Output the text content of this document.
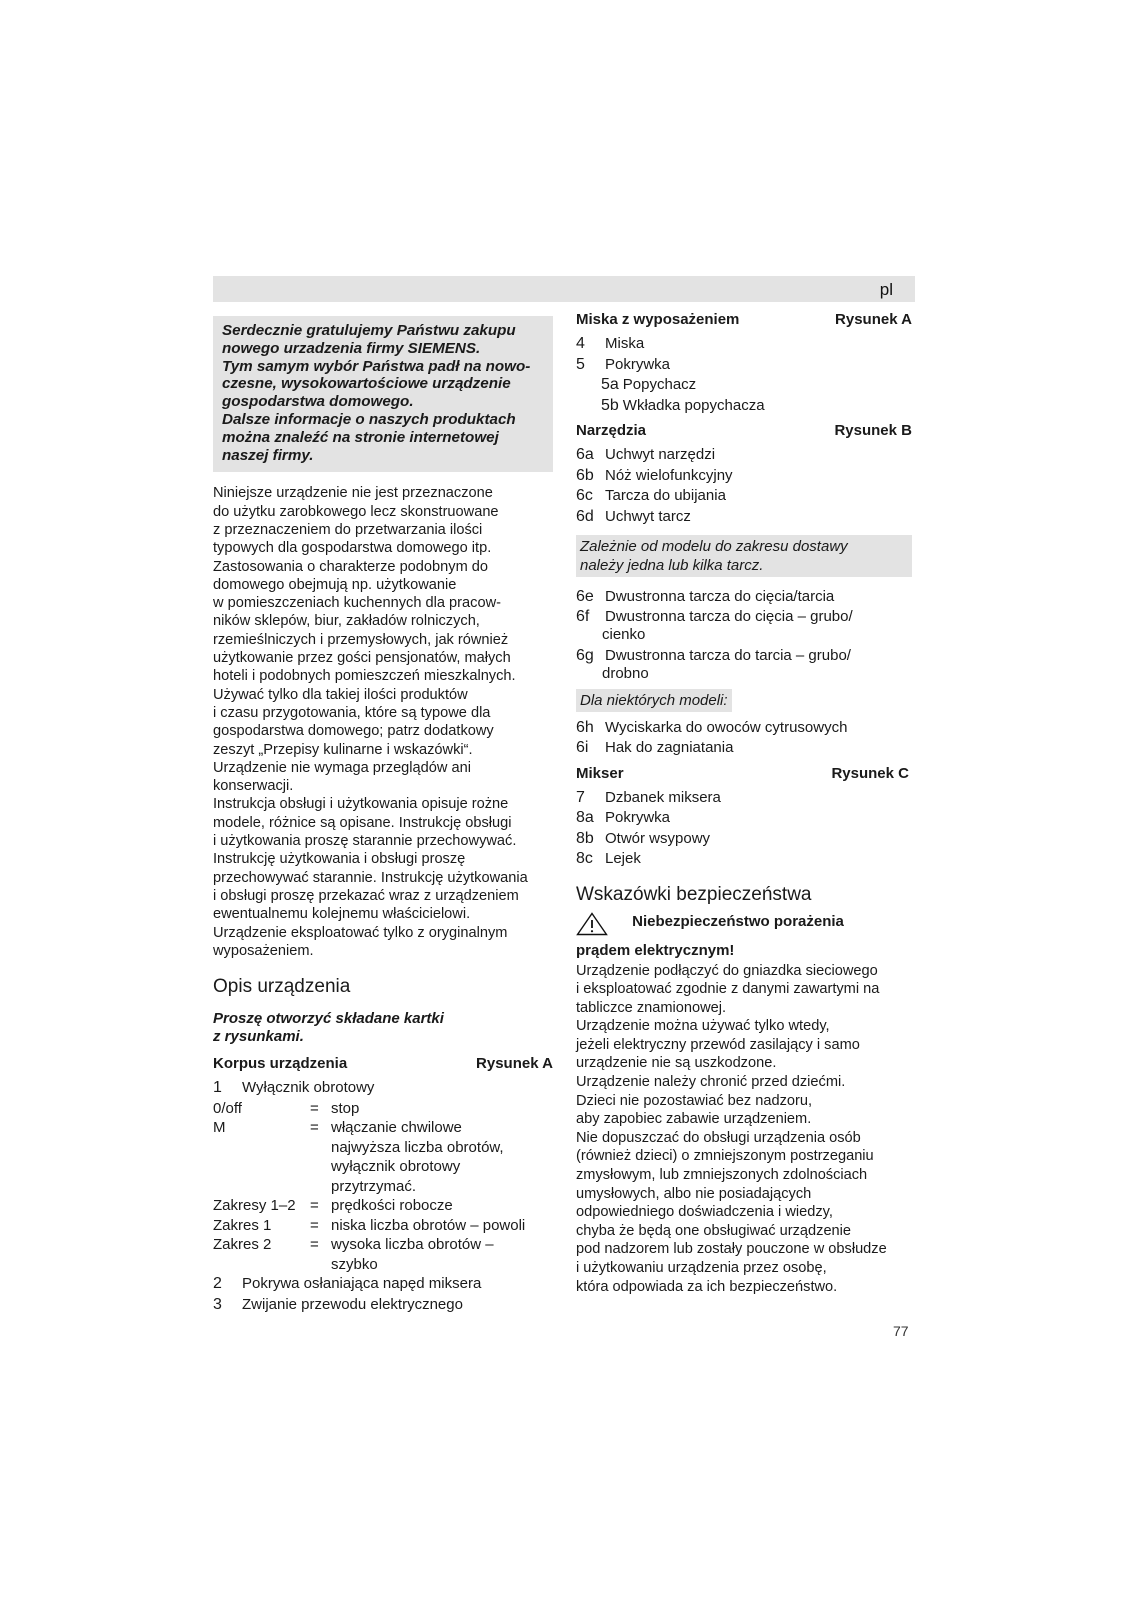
pl

Serdecznie gratulujemy Państwu zakupu

nowego urzadzenia firmy SIEMENS.

Tym samym wybór Państwa padł na nowo-

czesne, wysokowartościowe urządzenie

gospodarstwa domowego.

Dalsze informacje o naszych produktach

można znaleźć na stronie internetowej

naszej firmy.

Niniejsze urządzenie nie jest przeznaczone

do użytku zarobkowego lecz skonstruowane

z przeznaczeniem do przetwarzania ilości

typowych dla gospodarstwa domowego itp.

Zastosowania o charakterze podobnym do

domowego obejmują np. użytkowanie

w pomieszczeniach kuchennych dla pracow-

ników sklepów, biur, zakładów rolniczych,

rzemieślniczych i przemysłowych, jak również

użytkowanie przez gości pensjonatów, małych

hoteli i podobnych pomieszczeń mieszkalnych.

Używać tylko dla takiej ilości produktów

i czasu przygotowania, które są typowe dla

gospodarstwa domowego; patrz dodatkowy

zeszyt „Przepisy kulinarne i wskazówki“.

Urządzenie nie wymaga przeglądów ani

konserwacji.

Instrukcja obsługi i użytkowania opisuje rożne

modele, różnice są opisane. Instrukcję obsługi

i użytkowania proszę starannie przechowywać.

Instrukcję użytkowania i obsługi proszę

przechowywać starannie. Instrukcję użytkowania

i obsługi proszę przekazać wraz z urządzeniem

ewentualnemu kolejnemu właścicielowi.

Urządzenie eksploatować tylko z oryginalnym

wyposażeniem.

Opis urządzenia
Proszę otworzyć składane kartki
z rysunkami.
Korpus urządzenia	Rysunek A
1	Wyłącznik obrotowy
0/off	= stop
M	= włączanie chwilowe
najwyższa liczba obrotów,
wyłącznik obrotowy
przytrzymać.
Zakresy 1–2 = prędkości robocze
Zakres 1	= niska liczba obrotów – powoli
Zakres 2	= wysoka liczba obrotów –
szybko
2	Pokrywa osłaniająca napęd miksera
3	Zwijanie przewodu elektrycznego
Miska z wyposażeniem	Rysunek A
4	Miska
5	Pokrywka
5a Popychacz
5b Wkładka popychacza
Narzędzia	Rysunek B
6a Uchwyt narzędzi
6b Nóż wielofunkcyjny
6c Tarcza do ubijania
6d Uchwyt tarcz
Zależnie od modelu do zakresu dostawy
należy jedna lub kilka tarcz.
6e Dwustronna tarcza do cięcia/tarcia
6f	Dwustronna tarcza do cięcia – grubo/
cienko
6g Dwustronna tarcza do tarcia – grubo/
drobno
Dla niektórych modeli:
6h Wyciskarka do owoców cytrusowych
6i	Hak do zagniatania
Mikser	Rysunek C
7	Dzbanek miksera
8a Pokrywka
8b Otwór wsypowy
8c Lejek
Wskazówki bezpieczeństwa
Niebezpieczeństwo porażenia
prądem elektrycznym!

Urządzenie podłączyć do gniazdka sieciowego

i eksploatować zgodnie z danymi zawartymi na

tabliczce znamionowej.

Urządzenie można używać tylko wtedy,

jeżeli elektryczny przewód zasilający i samo

urządzenie nie są uszkodzone.

Urządzenie należy chronić przed dziećmi.

Dzieci nie pozostawiać bez nadzoru,

aby zapobiec zabawie urządzeniem.

Nie dopuszczać do obsługi urządzenia osób

(również dzieci) o zmniejszonym postrzeganiu

zmysłowym, lub zmniejszonych zdolnościach

umysłowych, albo nie posiadających

odpowiedniego doświadczenia i wiedzy,

chyba że będą one obsługiwać urządzenie

pod nadzorem lub zostały pouczone w obsłudze

i użytkowaniu urządzenia przez osobę,

która odpowiada za ich bezpieczeństwo.

77
